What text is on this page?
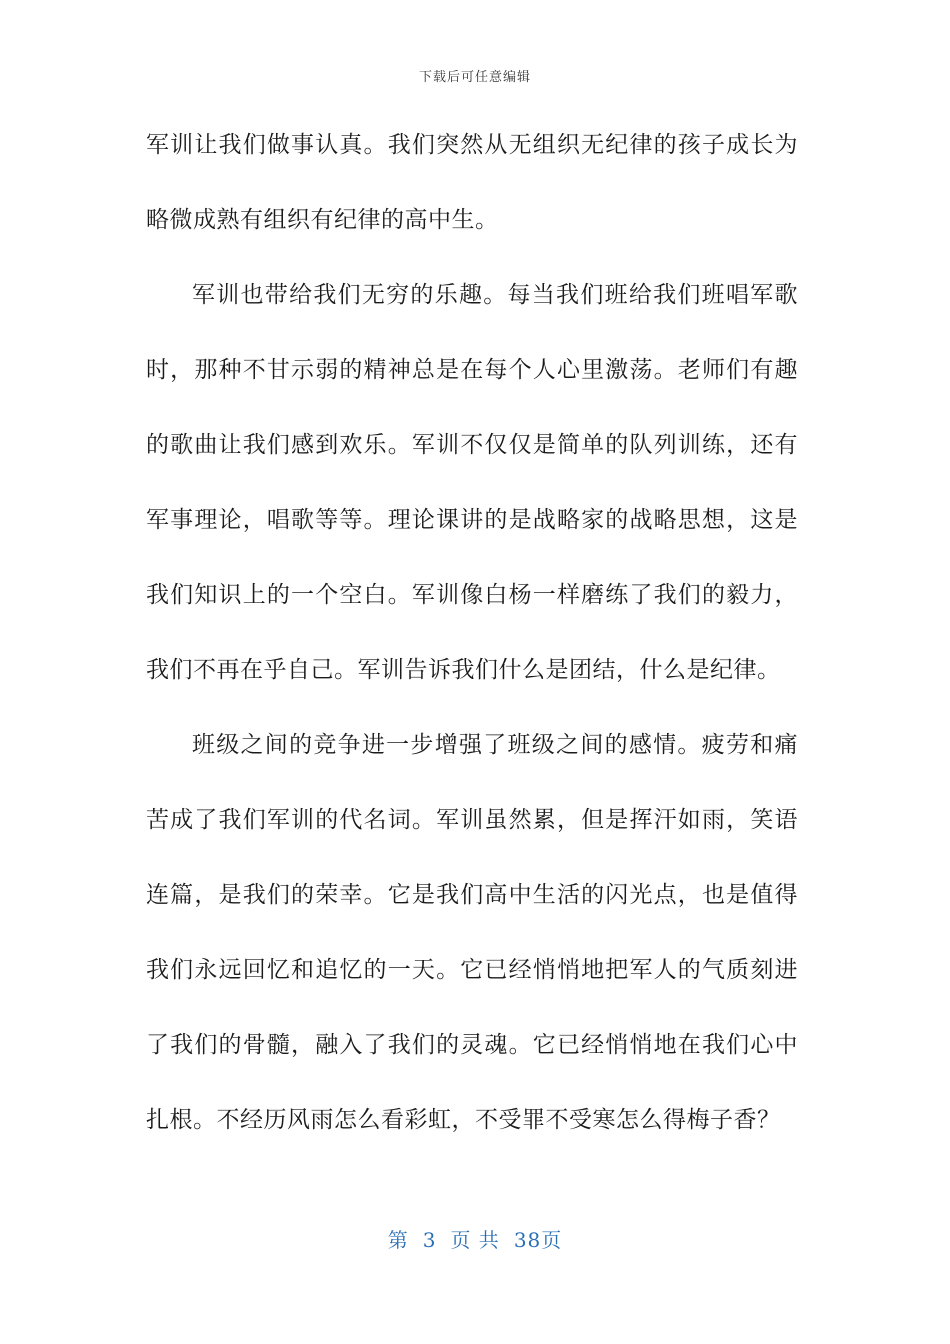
下载后可任意编辑
军训让我们做事认真。我们突然从无组织无纪律的孩子成长为
略微成熟有组织有纪律的高中生。
军训也带给我们无穷的乐趣。每当我们班给我们班唱军歌
时，那种不甘示弱的精神总是在每个人心里激荡。老师们有趣
的歌曲让我们感到欢乐。军训不仅仅是简单的队列训练，还有
军事理论，唱歌等等。理论课讲的是战略家的战略思想，这是
我们知识上的一个空白。军训像白杨一样磨练了我们的毅力，
我们不再在乎自己。军训告诉我们什么是团结，什么是纪律。
班级之间的竞争进一步增强了班级之间的感情。疲劳和痛
苦成了我们军训的代名词。军训虽然累，但是挥汗如雨，笑语
连篇，是我们的荣幸。它是我们高中生活的闪光点，也是值得
我们永远回忆和追忆的一天。它已经悄悄地把军人的气质刻进
了我们的骨髓，融入了我们的灵魂。它已经悄悄地在我们心中
扎根。不经历风雨怎么看彩虹，不受罪不受寒怎么得梅子香？
第 3 页 共 38页
